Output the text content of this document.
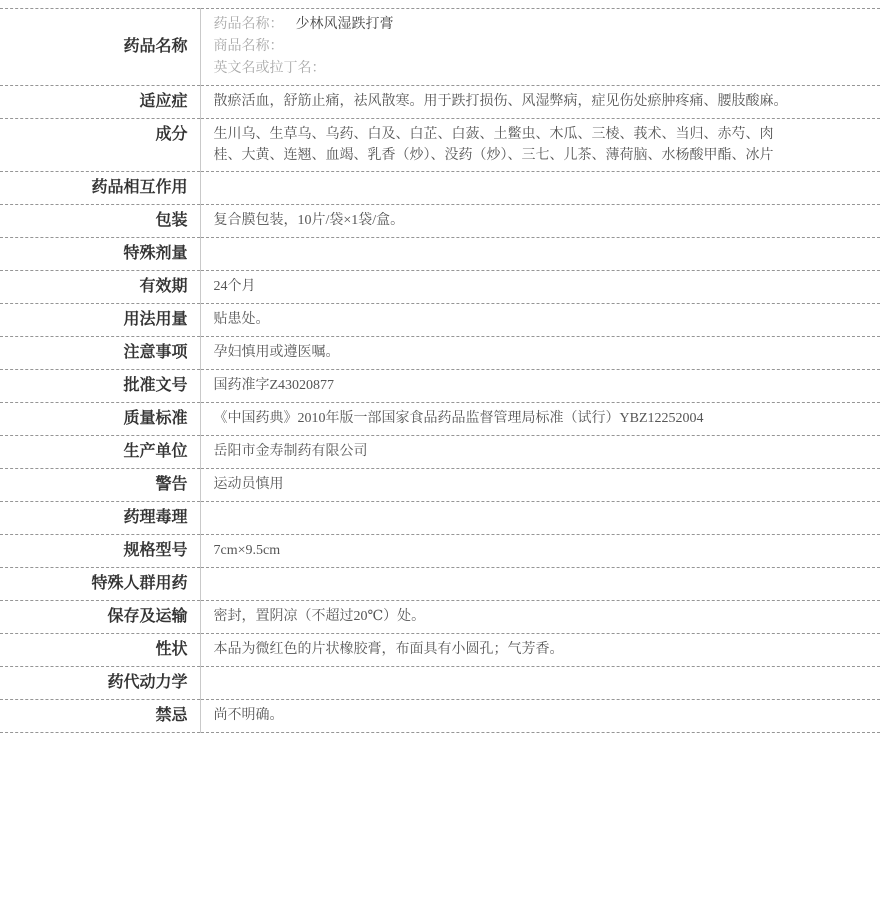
药品名称	药品名称： 少林风湿跌打膏
商品名称：
英文名或拉丁名：

适应症	散瘀活血，舒筋止痛，祛风散寒。用于跌打损伤、风湿弊病，症见伤处瘀肿疼痛、腰肢酸麻。

成分	生川乌、生草乌、乌药、白及、白芷、白蔹、土鳖虫、木瓜、三棱、莪术、当归、赤芍、肉桂、大黄、连翘、血竭、乳香（炒）、没药（炒）、三七、儿茶、薄荷脑、水杨酸甲酯、冰片

药品相互作用	

包装	复合膜包装，10片/袋×1袋/盒。

特殊剂量	

有效期	24个月

用法用量	贴患处。

注意事项	孕妇慎用或遵医嘱。

批准文号	国药准字Z43020877

质量标准	《中国药典》2010年版一部国家食品药品监督管理局标准（试行）YBZ12252004

生产单位	岳阳市金寿制药有限公司

警告	运动员慎用

药理毒理	

规格型号	7cm×9.5cm

特殊人群用药	

保存及运输	密封，置阴凉（不超过20℃）处。

性状	本品为微红色的片状橡胶膏，布面具有小圆孔；气芳香。

药代动力学	

禁忌	尚不明确。
